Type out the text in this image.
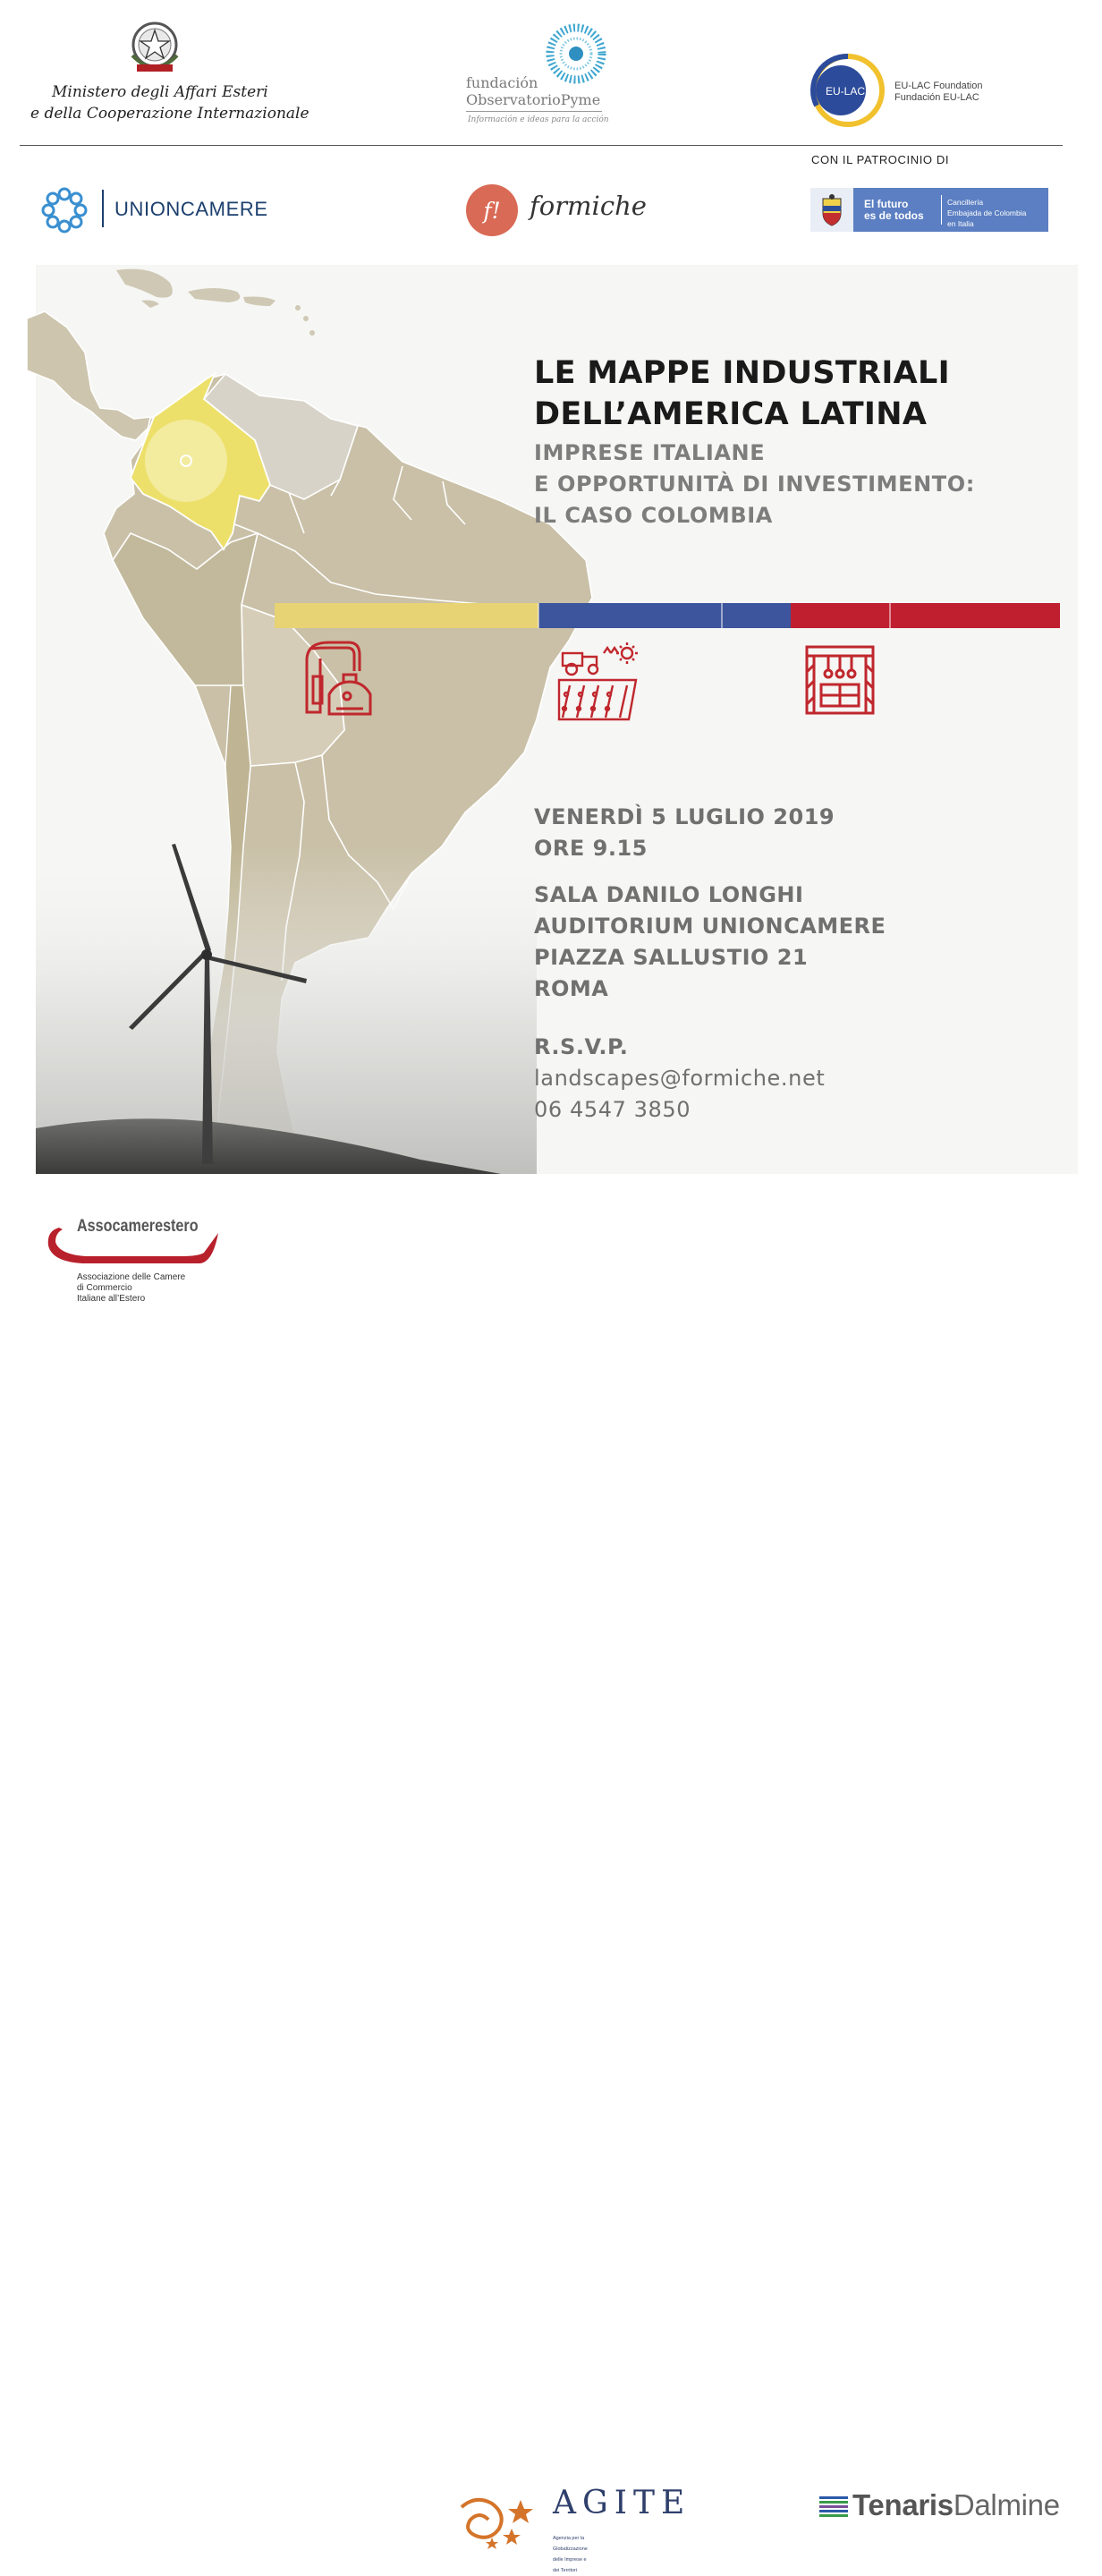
Ministero degli Affari Esteri
e della Cooperazione Internazionale
fundación
ObservatorioPyme
Información e ideas para la acción
EU-LAC	EU-LAC Foundation
Fundación EU-LAC
CON IL PATROCINIO DI
UNIONCAMERE	f! formiche	El futuro
es de todos
Cancillería
Embajada de Colombia
en Italia
LE MAPPE INDUSTRIALI
DELL’AMERICA LATINA
IMPRESE ITALIANE
E OPPORTUNITÀ DI INVESTIMENTO:
IL CASO COLOMBIA
VENERDÌ 5 LUGLIO 2019
ORE 9.15
SALA DANILO LONGHI
AUDITORIUM UNIONCAMERE
PIAZZA SALLUSTIO 21
ROMA
R.S.V.P.
landscapes@formiche.net
06 4547 3850
Assocamerestero
Associazione delle Camere
di Commercio
Italiane all’Estero
AGITE
Agenzia per la Globalizzazione delle Imprese e dei Territori
TenarisDalmine
